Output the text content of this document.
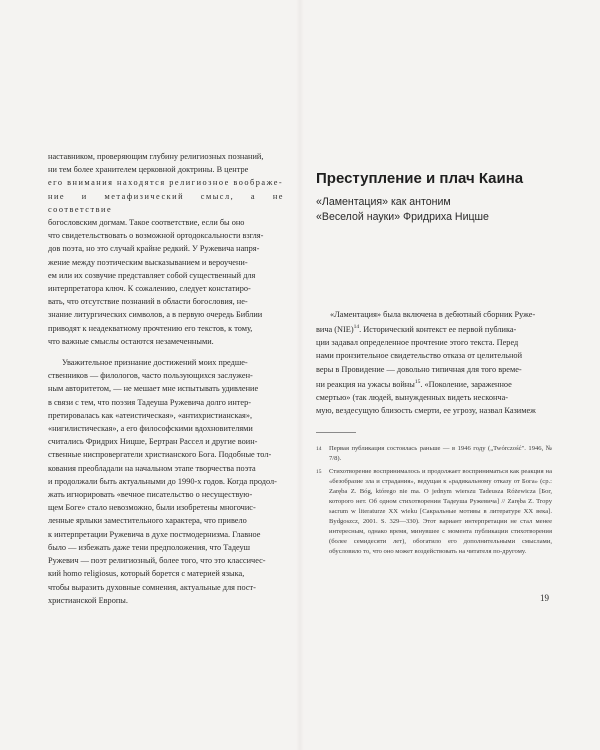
наставником, проверяющим глубину религиозных познаний,

ни тем более хранителем церковной доктрины. В центре

его внимания находятся религиозное воображе-

ние и метафизический смысл, а не соответствие

богословским догмам. Такое соответствие, если бы оно

что свидетельствовать о возможной ортодоксальности взгля-

дов поэта, но это случай крайне редкий. У Ружевича напря-

жение между поэтическим высказыванием и вероучени-

ем или их созвучие представляет собой существенный для

интерпретатора ключ. К сожалению, следует констатиро-

вать, что отсутствие познаний в области богословия, не-

знание литургических символов, а в первую очередь Библии

приводят к неадекватному прочтению его текстов, к тому,

что важные смыслы остаются незамеченными.

Уважительное признание достижений моих предше-

ственников — филологов, часто пользующихся заслужен-

ным авторитетом, — не мешает мне испытывать удивление

в связи с тем, что поэзия Тадеуша Ружевича долго интер-

претировалась как «атеистическая», «антихристианская»,

«нигилистическая», а его философскими вдохновителями

считались Фридрих Ницше, Бертран Рассел и другие воин-

ственные ниспровергатели христианского Бога. Подобные тол-

кования преобладали на начальном этапе творчества поэта

и продолжали быть актуальными до 1990-х годов. Когда продол-

жать игнорировать «вечное писательство о несуществую-

щем Боге» стало невозможно, были изобретены многочис-

ленные ярлыки заместительного характера, что привело

к интерпретации Ружевича в духе постмодернизма. Главное

было — избежать даже тени предположения, что Тадеуш

Ружевич — поэт религиозный, более того, что это классичес-

кий homo religiosus, который борется с материей языка,

чтобы выразить духовные сомнения, актуальные для пост-

христианской Европы.

Преступление и плач Каина
«Ламентация» как антоним
«Веселой науки» Фридриха Ницше

«Ламентация» была включена в дебютный сборник Руже-

вича (NIE)$^{14}$. Исторический контекст ее первой публика-

ции задавал определенное прочтение этого текста. Перед

нами пронзительное свидетельство отказа от целительной

веры в Провидение — довольно типичная для того време-

ни реакция на ужасы войны$^{15}$. «Поколение, зараженное

смертью» (так людей, вынужденных видеть несконча-

мую, вездесущую близость смерти, ее угрозу, назвал Казимеж

14	Первая публикация состоялась раньше — в 1946 году („Twórczość". 1946, № 7/8).
15	Стихотворение воспринималось и продолжает восприниматься как реакция на «безобразие зла и страдания», ведущая к «радикальному отказу от Бога» (ср.: Zaręba Z. Bóg, którego nie ma. O jednym wierszu Tadeusza Różewicza [Бог, которого нет. Об одном стихотворении Тадеуша Ружевича] // Zaręba Z. Tropy sacrum w literaturze XX wieku [Сакральные мотивы в литературе XX века]. Bydgoszcz, 2001. S. 329—330). Этот вариант интерпретации не стал менее интересным, однако время, минувшее с момента публикации стихотворения (более семидесяти лет), обогатило его дополнительными смыслами, обусловило то, что оно может воздействовать на читателя по-другому.
19
